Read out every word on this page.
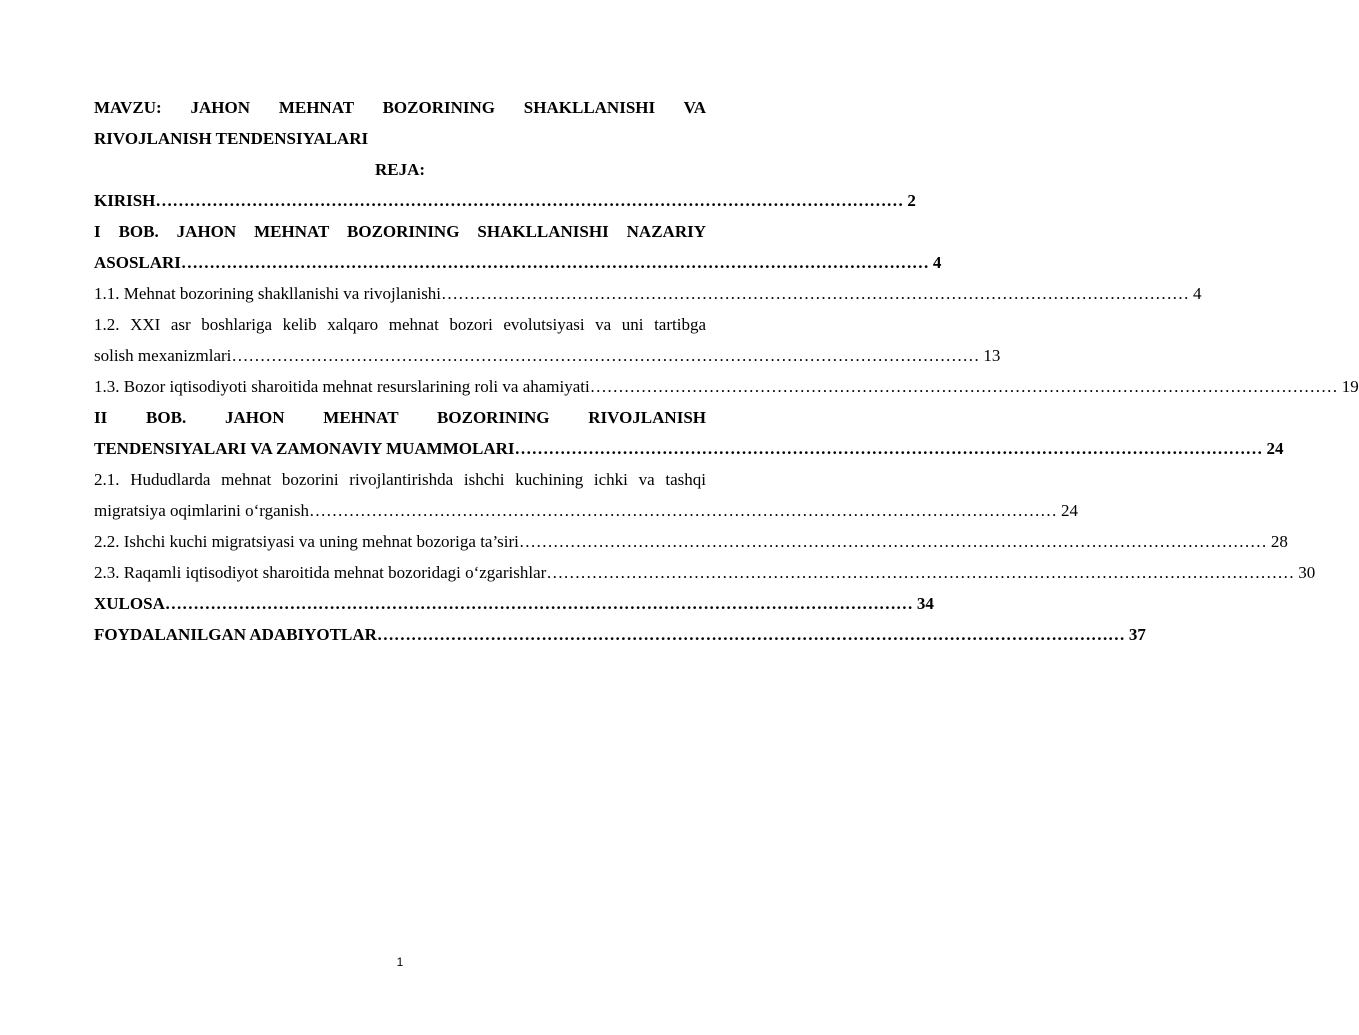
MAVZU: JAHON MEHNAT BOZORINING SHAKLLANISHI VA
RIVOJLANISH TENDENSIYALARI
REJA:
KIRISH …………………………………………………………………………………………………………………… 2
I BOB. JAHON MEHNAT BOZORINING SHAKLLANISHI NAZARIY
ASOSLARI …………………………………………………………………………………………………………………… 4
1.1. Mehnat bozorining shakllanishi va rivojlanishi …………………………………………………………………………………………………………………… 4
1.2. XXI asr boshlariga kelib xalqaro mehnat bozori evolutsiyasi va uni tartibga
solish mexanizmlari …………………………………………………………………………………………………………………… 13
1.3. Bozor iqtisodiyoti sharoitida mehnat resurslarining roli va ahamiyati …………………………………………………………………………………………………………………… 19
II BOB. JAHON MEHNAT BOZORINING RIVOJLANISH
TENDENSIYALARI VA ZAMONAVIY MUAMMOLARI …………………………………………………………………………………………………………………… 24
2.1. Hududlarda mehnat bozorini rivojlantirishda ishchi kuchining ichki va tashqi
migratsiya oqimlarini o‘rganish …………………………………………………………………………………………………………………… 24
2.2. Ishchi kuchi migratsiyasi va uning mehnat bozoriga ta’siri …………………………………………………………………………………………………………………… 28
2.3. Raqamli iqtisodiyot sharoitida mehnat bozoridagi o‘zgarishlar …………………………………………………………………………………………………………………… 30
XULOSA …………………………………………………………………………………………………………………… 34
FOYDALANILGAN ADABIYOTLAR …………………………………………………………………………………………………………………… 37
1
